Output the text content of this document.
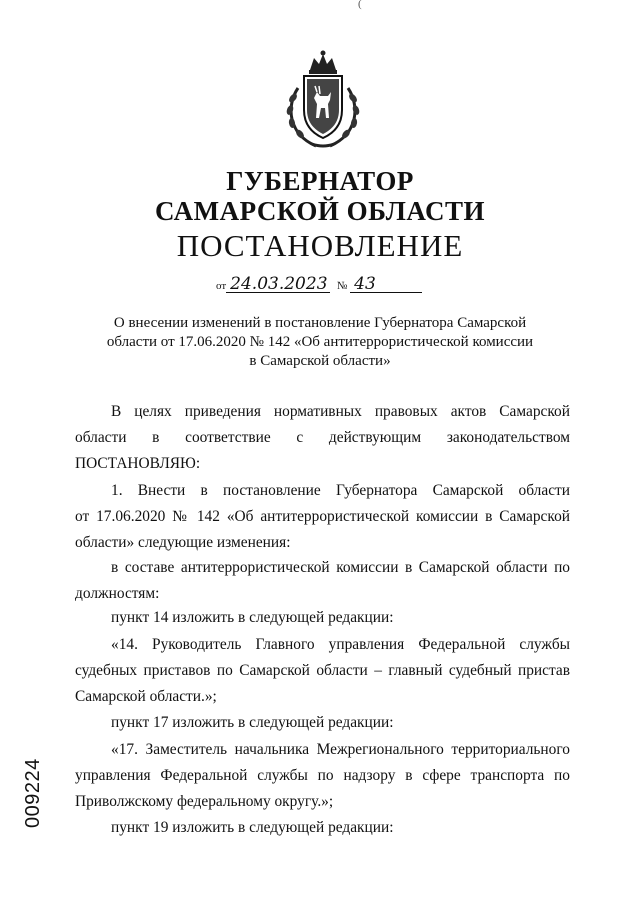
(
ГУБЕРНАТОР
САМАРСКОЙ ОБЛАСТИ
ПОСТАНОВЛЕНИЕ
от 24.03.2023 № 43
О внесении изменений в постановление Губернатора Самарской
области от 17.06.2020 № 142 «Об антитеррористической комиссии
в Самарской области»
В целях приведения нормативных правовых актов Самарской
области в соответствие с действующим законодательством
ПОСТАНОВЛЯЮ:
1. Внести в постановление Губернатора Самарской области
от 17.06.2020 № 142 «Об антитеррористической комиссии в Самарской
области» следующие изменения:
в составе антитеррористической комиссии в Самарской области по
должностям:
пункт 14 изложить в следующей редакции:
«14. Руководитель Главного управления Федеральной службы
судебных приставов по Самарской области – главный судебный пристав
Самарской области.»;
пункт 17 изложить в следующей редакции:
«17. Заместитель начальника Межрегионального территориального
управления Федеральной службы по надзору в сфере транспорта по
Приволжскому федеральному округу.»;
пункт 19 изложить в следующей редакции:
009224
